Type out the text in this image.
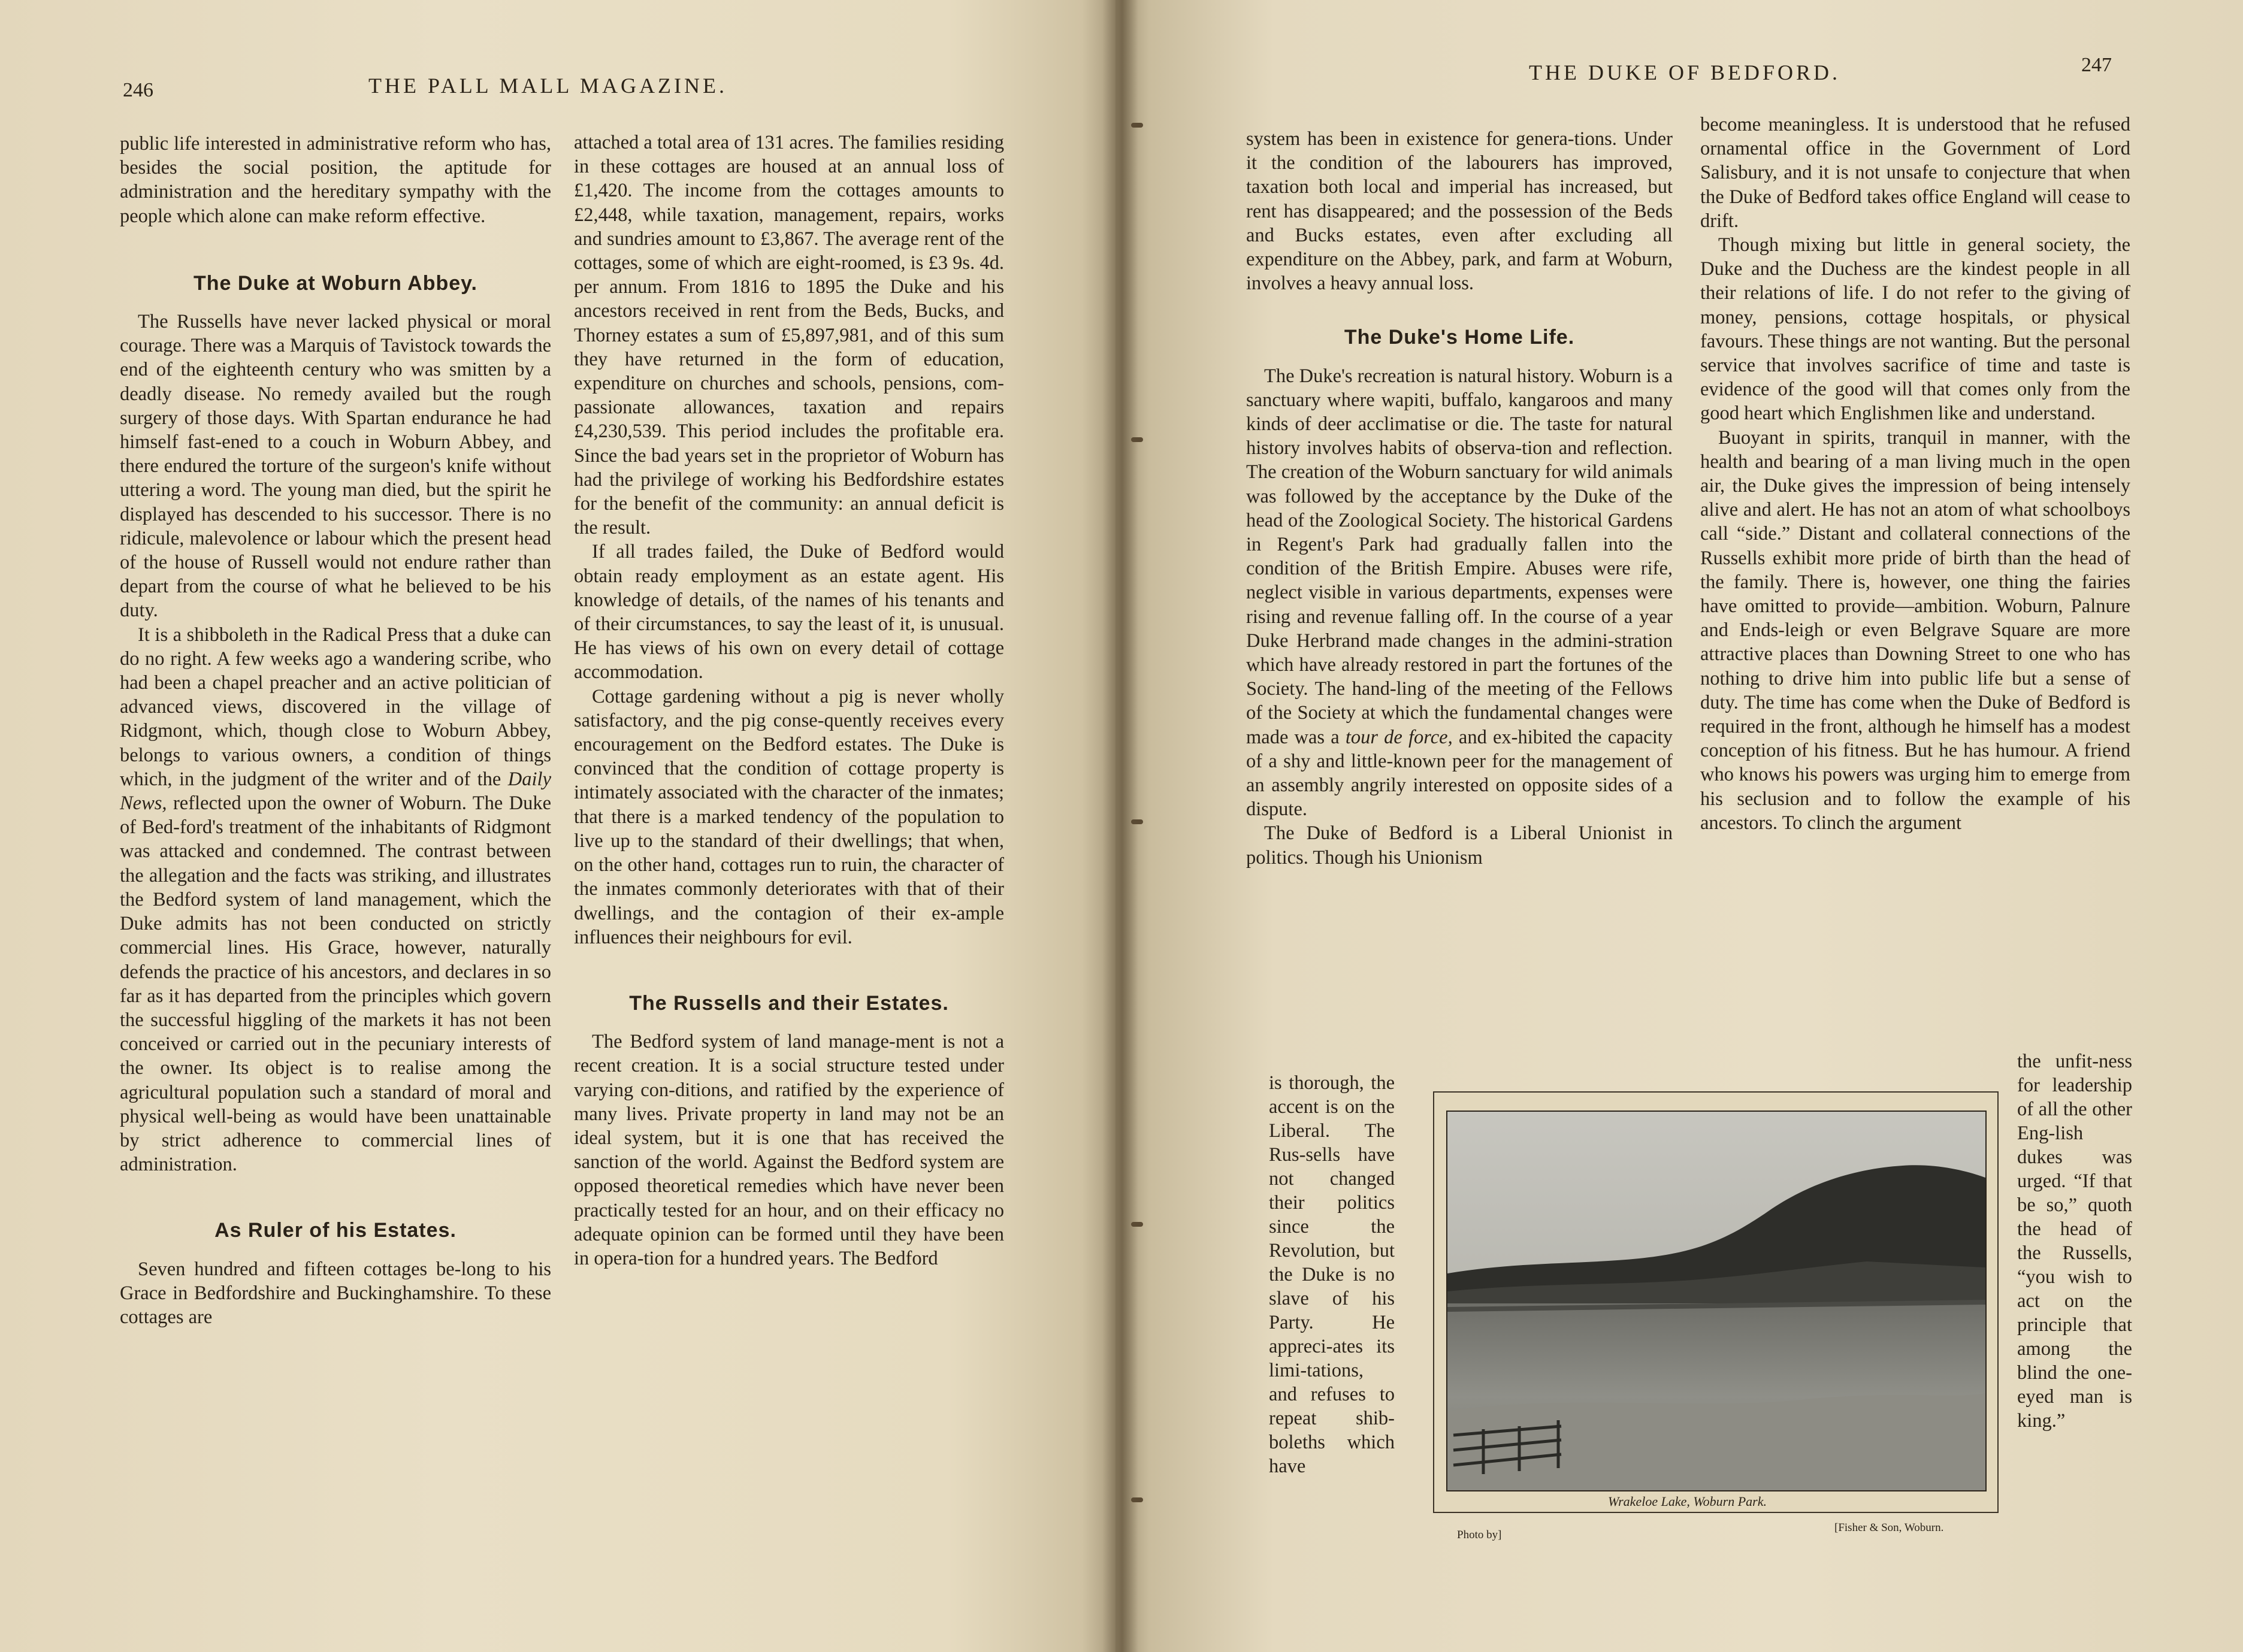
246	THE PALL MALL MAGAZINE.

public life interested in administrative reform who has, besides the social position, the aptitude for administration and the hereditary sympathy with the people which alone can make reform effective.

The Duke at Woburn Abbey.

The Russells have never lacked physical or moral courage. There was a Marquis of Tavistock towards the end of the eighteenth century who was smitten by a deadly disease. No remedy availed but the rough surgery of those days. With Spartan endurance he had himself fast-ened to a couch in Woburn Abbey, and there endured the torture of the surgeon's knife without uttering a word. The young man died, but the spirit he displayed has descended to his successor. There is no ridicule, malevolence or labour which the present head of the house of Russell would not endure rather than depart from the course of what he believed to be his duty.

It is a shibboleth in the Radical Press that a duke can do no right. A few weeks ago a wandering scribe, who had been a chapel preacher and an active politician of advanced views, discovered in the village of Ridgmont, which, though close to Woburn Abbey, belongs to various owners, a condition of things which, in the judgment of the writer and of the Daily News, reflected upon the owner of Woburn. The Duke of Bed-ford's treatment of the inhabitants of Ridgmont was attacked and condemned. The contrast between the allegation and the facts was striking, and illustrates the Bedford system of land management, which the Duke admits has not been conducted on strictly commercial lines. His Grace, however, naturally defends the practice of his ancestors, and declares in so far as it has departed from the principles which govern the successful higgling of the markets it has not been conceived or carried out in the pecuniary interests of the owner. Its object is to realise among the agricultural population such a standard of moral and physical well-being as would have been unattainable by strict adherence to commercial lines of administration.

As Ruler of his Estates.

Seven hundred and fifteen cottages be-long to his Grace in Bedfordshire and Buckinghamshire. To these cottages are

attached a total area of 131 acres. The families residing in these cottages are housed at an annual loss of £1,420. The income from the cottages amounts to £2,448, while taxation, management, repairs, works and sundries amount to £3,867. The average rent of the cottages, some of which are eight-roomed, is £3 9s. 4d. per annum. From 1816 to 1895 the Duke and his ancestors received in rent from the Beds, Bucks, and Thorney estates a sum of £5,897,981, and of this sum they have returned in the form of education, expenditure on churches and schools, pensions, com-passionate allowances, taxation and repairs £4,230,539. This period includes the profitable era. Since the bad years set in the proprietor of Woburn has had the privilege of working his Bedfordshire estates for the benefit of the community: an annual deficit is the result.

If all trades failed, the Duke of Bedford would obtain ready employment as an estate agent. His knowledge of details, of the names of his tenants and of their circumstances, to say the least of it, is unusual. He has views of his own on every detail of cottage accommodation.

Cottage gardening without a pig is never wholly satisfactory, and the pig conse-quently receives every encouragement on the Bedford estates. The Duke is convinced that the condition of cottage property is intimately associated with the character of the inmates; that there is a marked tendency of the population to live up to the standard of their dwellings; that when, on the other hand, cottages run to ruin, the character of the inmates commonly deteriorates with that of their dwellings, and the contagion of their ex-ample influences their neighbours for evil.

The Russells and their Estates.

The Bedford system of land manage-ment is not a recent creation. It is a social structure tested under varying con-ditions, and ratified by the experience of many lives. Private property in land may not be an ideal system, but it is one that has received the sanction of the world. Against the Bedford system are opposed theoretical remedies which have never been practically tested for an hour, and on their efficacy no adequate opinion can be formed until they have been in opera-tion for a hundred years. The Bedford

THE DUKE OF BEDFORD.	247

system has been in existence for genera-tions. Under it the condition of the labourers has improved, taxation both local and imperial has increased, but rent has disappeared; and the possession of the Beds and Bucks estates, even after excluding all expenditure on the Abbey, park, and farm at Woburn, involves a heavy annual loss.

The Duke's Home Life.

The Duke's recreation is natural history. Woburn is a sanctuary where wapiti, buffalo, kangaroos and many kinds of deer acclimatise or die. The taste for natural history involves habits of observa-tion and reflection. The creation of the Woburn sanctuary for wild animals was followed by the acceptance by the Duke of the head of the Zoological Society. The historical Gardens in Regent's Park had gradually fallen into the condition of the British Empire. Abuses were rife, neglect visible in various departments, expenses were rising and revenue falling off. In the course of a year Duke Herbrand made changes in the admini-stration which have already restored in part the fortunes of the Society. The hand-ling of the meeting of the Fellows of the Society at which the fundamental changes were made was a tour de force, and ex-hibited the capacity of a shy and little-known peer for the management of an assembly angrily interested on opposite sides of a dispute.

The Duke of Bedford is a Liberal Unionist in politics. Though his Unionism

is thorough, the accent is on the Liberal. The Rus-sells have not changed their politics since the Revolution, but the Duke is no slave of his Party. He appreci-ates its limi-tations, and refuses to repeat shib-boleths which have

become meaningless. It is understood that he refused ornamental office in the Government of Lord Salisbury, and it is not unsafe to conjecture that when the Duke of Bedford takes office England will cease to drift.

Though mixing but little in general society, the Duke and the Duchess are the kindest people in all their relations of life. I do not refer to the giving of money, pensions, cottage hospitals, or physical favours. These things are not wanting. But the personal service that involves sacrifice of time and taste is evidence of the good will that comes only from the good heart which Englishmen like and understand.

Buoyant in spirits, tranquil in manner, with the health and bearing of a man living much in the open air, the Duke gives the impression of being intensely alive and alert. He has not an atom of what schoolboys call “side.” Distant and collateral connections of the Russells exhibit more pride of birth than the head of the family. There is, however, one thing the fairies have omitted to provide—ambition. Woburn, Palnure and Ends-leigh or even Belgrave Square are more attractive places than Downing Street to one who has nothing to drive him into public life but a sense of duty. The time has come when the Duke of Bedford is required in the front, although he himself has a modest conception of his fitness. But he has humour. A friend who knows his powers was urging him to emerge from his seclusion and to follow the example of his ancestors. To clinch the argument

the unfit-ness for leadership of all the other Eng-lish dukes was urged. “If that be so,” quoth the head of the Russells, “you wish to act on the principle that among the blind the one-eyed man is king.”

Wrakeloe Lake, Woburn Park.
Photo by]
[Fisher & Son, Woburn.
